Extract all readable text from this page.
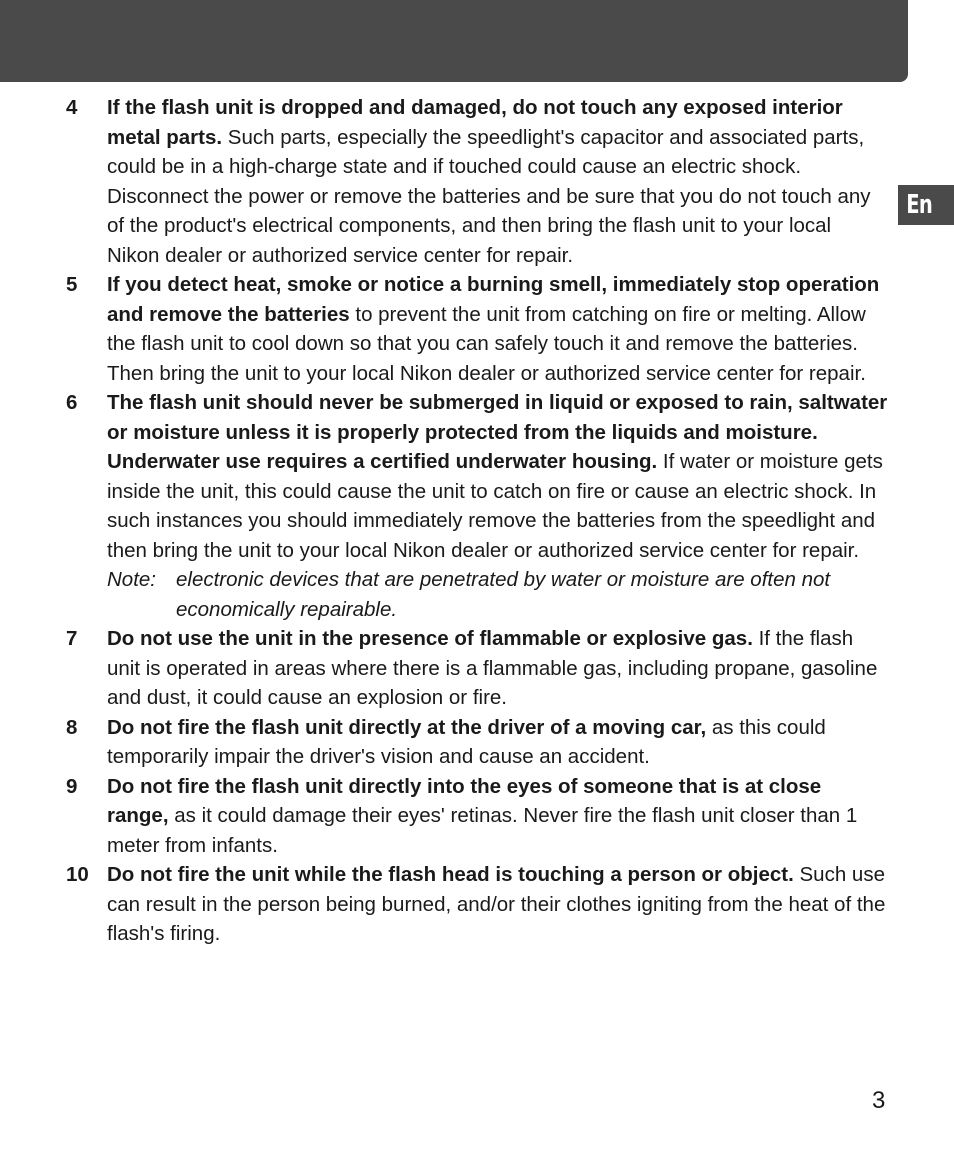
En
4	If the flash unit is dropped and damaged, do not touch any exposed interior metal parts. Such parts, especially the speedlight's capacitor and associated parts, could be in a high-charge state and if touched could cause an electric shock. Disconnect the power or remove the batteries and be sure that you do not touch any of the product's electrical components, and then bring the flash unit to your local Nikon dealer or authorized service center for repair.
5	If you detect heat, smoke or notice a burning smell, immediately stop operation and remove the batteries to prevent the unit from catching on fire or melting. Allow the flash unit to cool down so that you can safely touch it and remove the batteries. Then bring the unit to your local Nikon dealer or authorized service center for repair.
6	The flash unit should never be submerged in liquid or exposed to rain, saltwater or moisture unless it is properly protected from the liquids and moisture. Underwater use requires a certified underwater housing. If water or moisture gets inside the unit, this could cause the unit to catch on fire or cause an electric shock. In such instances you should immediately remove the batteries from the speedlight and then bring the unit to your local Nikon dealer or authorized service center for repair.
Note: electronic devices that are penetrated by water or moisture are often not economically repairable.
7	Do not use the unit in the presence of flammable or explosive gas. If the flash unit is operated in areas where there is a flammable gas, including propane, gasoline and dust, it could cause an explosion or fire.
8	Do not fire the flash unit directly at the driver of a moving car, as this could temporarily impair the driver's vision and cause an accident.
9	Do not fire the flash unit directly into the eyes of someone that is at close range, as it could damage their eyes' retinas. Never fire the flash unit closer than 1 meter from infants.
10 Do not fire the unit while the flash head is touching a person or object. Such use can result in the person being burned, and/or their clothes igniting from the heat of the flash's firing.
3
